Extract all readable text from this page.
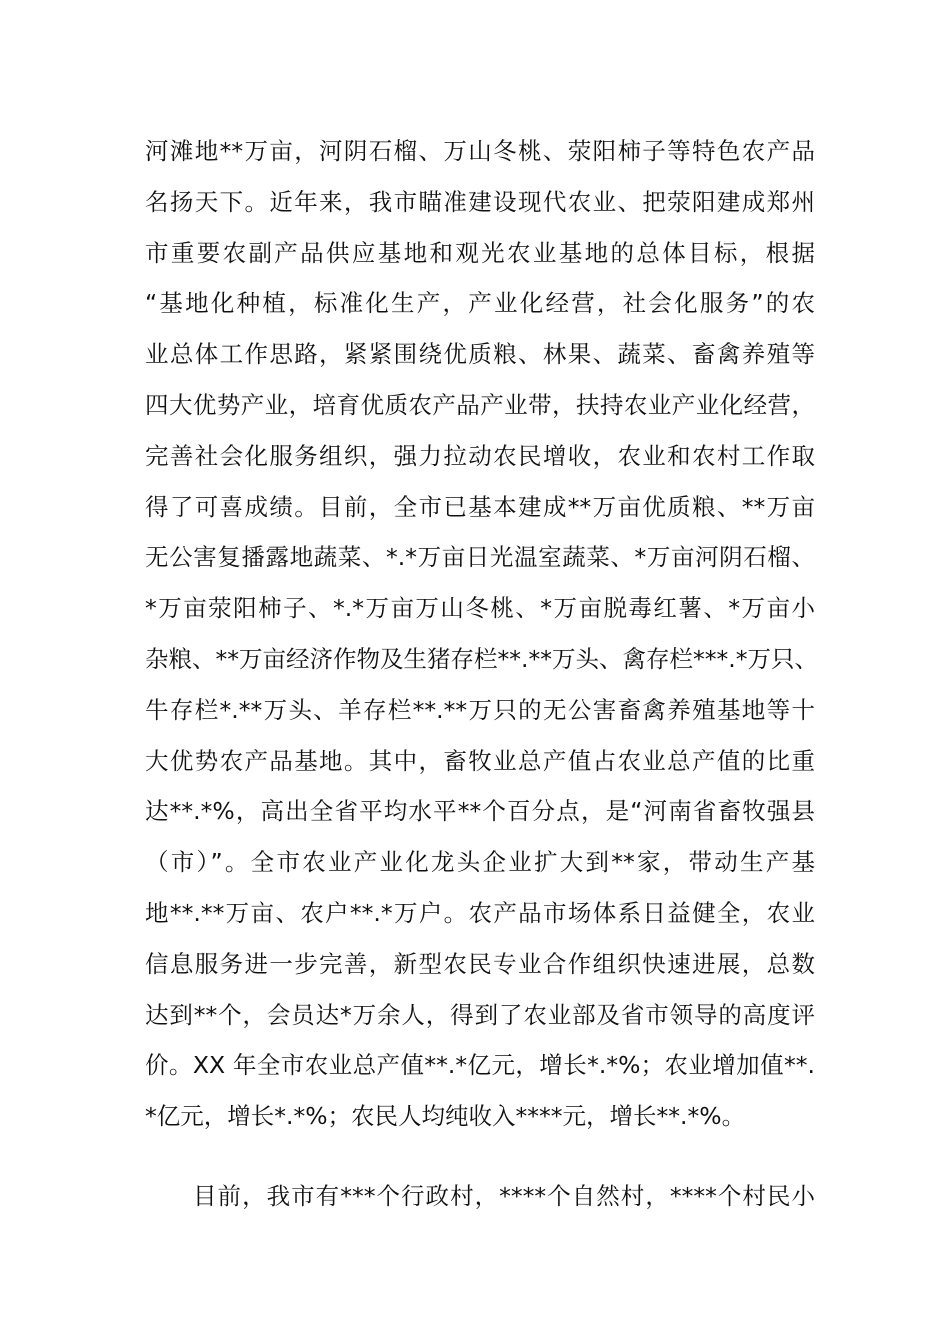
河滩地**万亩，河阴石榴、万山冬桃、荥阳柿子等特色农产品
名扬天下。近年来，我市瞄准建设现代农业、把荥阳建成郑州
市重要农副产品供应基地和观光农业基地的总体目标，根据
“基地化种植，标准化生产，产业化经营，社会化服务”的农
业总体工作思路，紧紧围绕优质粮、林果、蔬菜、畜禽养殖等
四大优势产业，培育优质农产品产业带，扶持农业产业化经营，
完善社会化服务组织，强力拉动农民增收，农业和农村工作取
得了可喜成绩。目前，全市已基本建成**万亩优质粮、**万亩
无公害复播露地蔬菜、*.*万亩日光温室蔬菜、*万亩河阴石榴、
*万亩荥阳柿子、*.*万亩万山冬桃、*万亩脱毒红薯、*万亩小
杂粮、**万亩经济作物及生猪存栏**.**万头、禽存栏***.*万只、
牛存栏*.**万头、羊存栏**.**万只的无公害畜禽养殖基地等十
大优势农产品基地。其中，畜牧业总产值占农业总产值的比重
达**.*%，高出全省平均水平**个百分点，是“河南省畜牧强县
（市）”。全市农业产业化龙头企业扩大到**家，带动生产基
地**.**万亩、农户**.*万户。农产品市场体系日益健全，农业
信息服务进一步完善，新型农民专业合作组织快速进展，总数
达到**个，会员达*万余人，得到了农业部及省市领导的高度评
价。XX 年全市农业总产值**.*亿元，增长*.*%；农业增加值**.
*亿元，增长*.*%；农民人均纯收入****元，增长**.*%。
目前，我市有***个行政村，****个自然村，****个村民小
